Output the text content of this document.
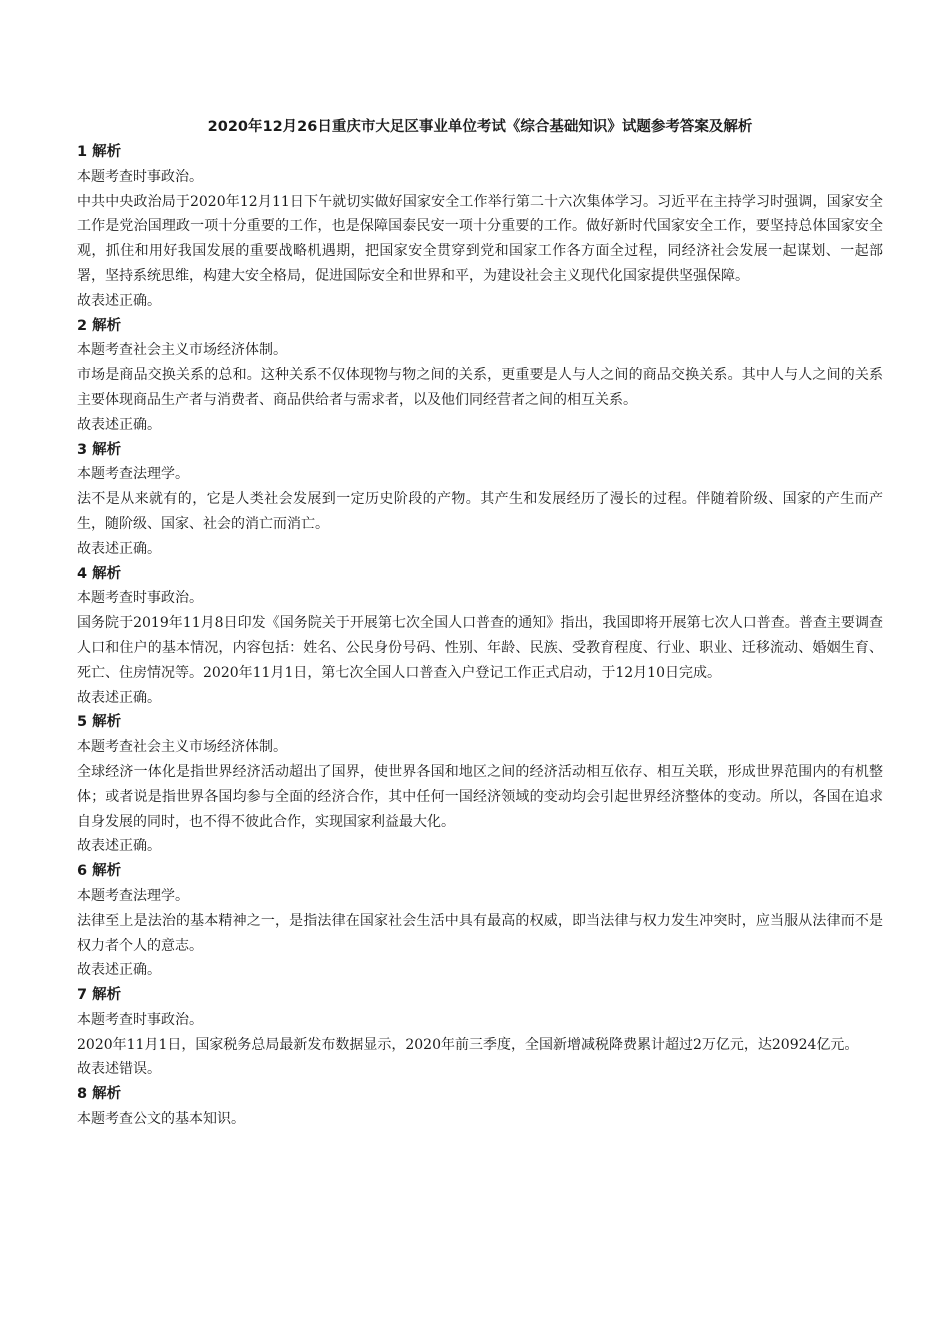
2020年12月26日重庆市大足区事业单位考试《综合基础知识》试题参考答案及解析

1 解析

本题考查时事政治。

中共中央政治局于2020年12月11日下午就切实做好国家安全工作举行第二十六次集体学习。习近平在主持学习时强调，国家安全工作是党治国理政一项十分重要的工作，也是保障国泰民安一项十分重要的工作。做好新时代国家安全工作，要坚持总体国家安全观，抓住和用好我国发展的重要战略机遇期，把国家安全贯穿到党和国家工作各方面全过程，同经济社会发展一起谋划、一起部署，坚持系统思维，构建大安全格局，促进国际安全和世界和平，为建设社会主义现代化国家提供坚强保障。

故表述正确。

2 解析

本题考查社会主义市场经济体制。

市场是商品交换关系的总和。这种关系不仅体现物与物之间的关系，更重要是人与人之间的商品交换关系。其中人与人之间的关系主要体现商品生产者与消费者、商品供给者与需求者，以及他们同经营者之间的相互关系。

故表述正确。

3 解析

本题考查法理学。

法不是从来就有的，它是人类社会发展到一定历史阶段的产物。其产生和发展经历了漫长的过程。伴随着阶级、国家的产生而产生，随阶级、国家、社会的消亡而消亡。

故表述正确。

4 解析

本题考查时事政治。

国务院于2019年11月8日印发《国务院关于开展第七次全国人口普查的通知》指出，我国即将开展第七次人口普查。普查主要调查人口和住户的基本情况，内容包括：姓名、公民身份号码、性别、年龄、民族、受教育程度、行业、职业、迁移流动、婚姻生育、死亡、住房情况等。2020年11月1日，第七次全国人口普查入户登记工作正式启动，于12月10日完成。

故表述正确。

5 解析

本题考查社会主义市场经济体制。

全球经济一体化是指世界经济活动超出了国界，使世界各国和地区之间的经济活动相互依存、相互关联，形成世界范围内的有机整体；或者说是指世界各国均参与全面的经济合作，其中任何一国经济领域的变动均会引起世界经济整体的变动。所以，各国在追求自身发展的同时，也不得不彼此合作，实现国家利益最大化。

故表述正确。

6 解析

本题考查法理学。

法律至上是法治的基本精神之一，是指法律在国家社会生活中具有最高的权威，即当法律与权力发生冲突时，应当服从法律而不是权力者个人的意志。

故表述正确。

7 解析

本题考查时事政治。

2020年11月1日，国家税务总局最新发布数据显示，2020年前三季度，全国新增减税降费累计超过2万亿元，达20924亿元。

故表述错误。

8 解析

本题考查公文的基本知识。
